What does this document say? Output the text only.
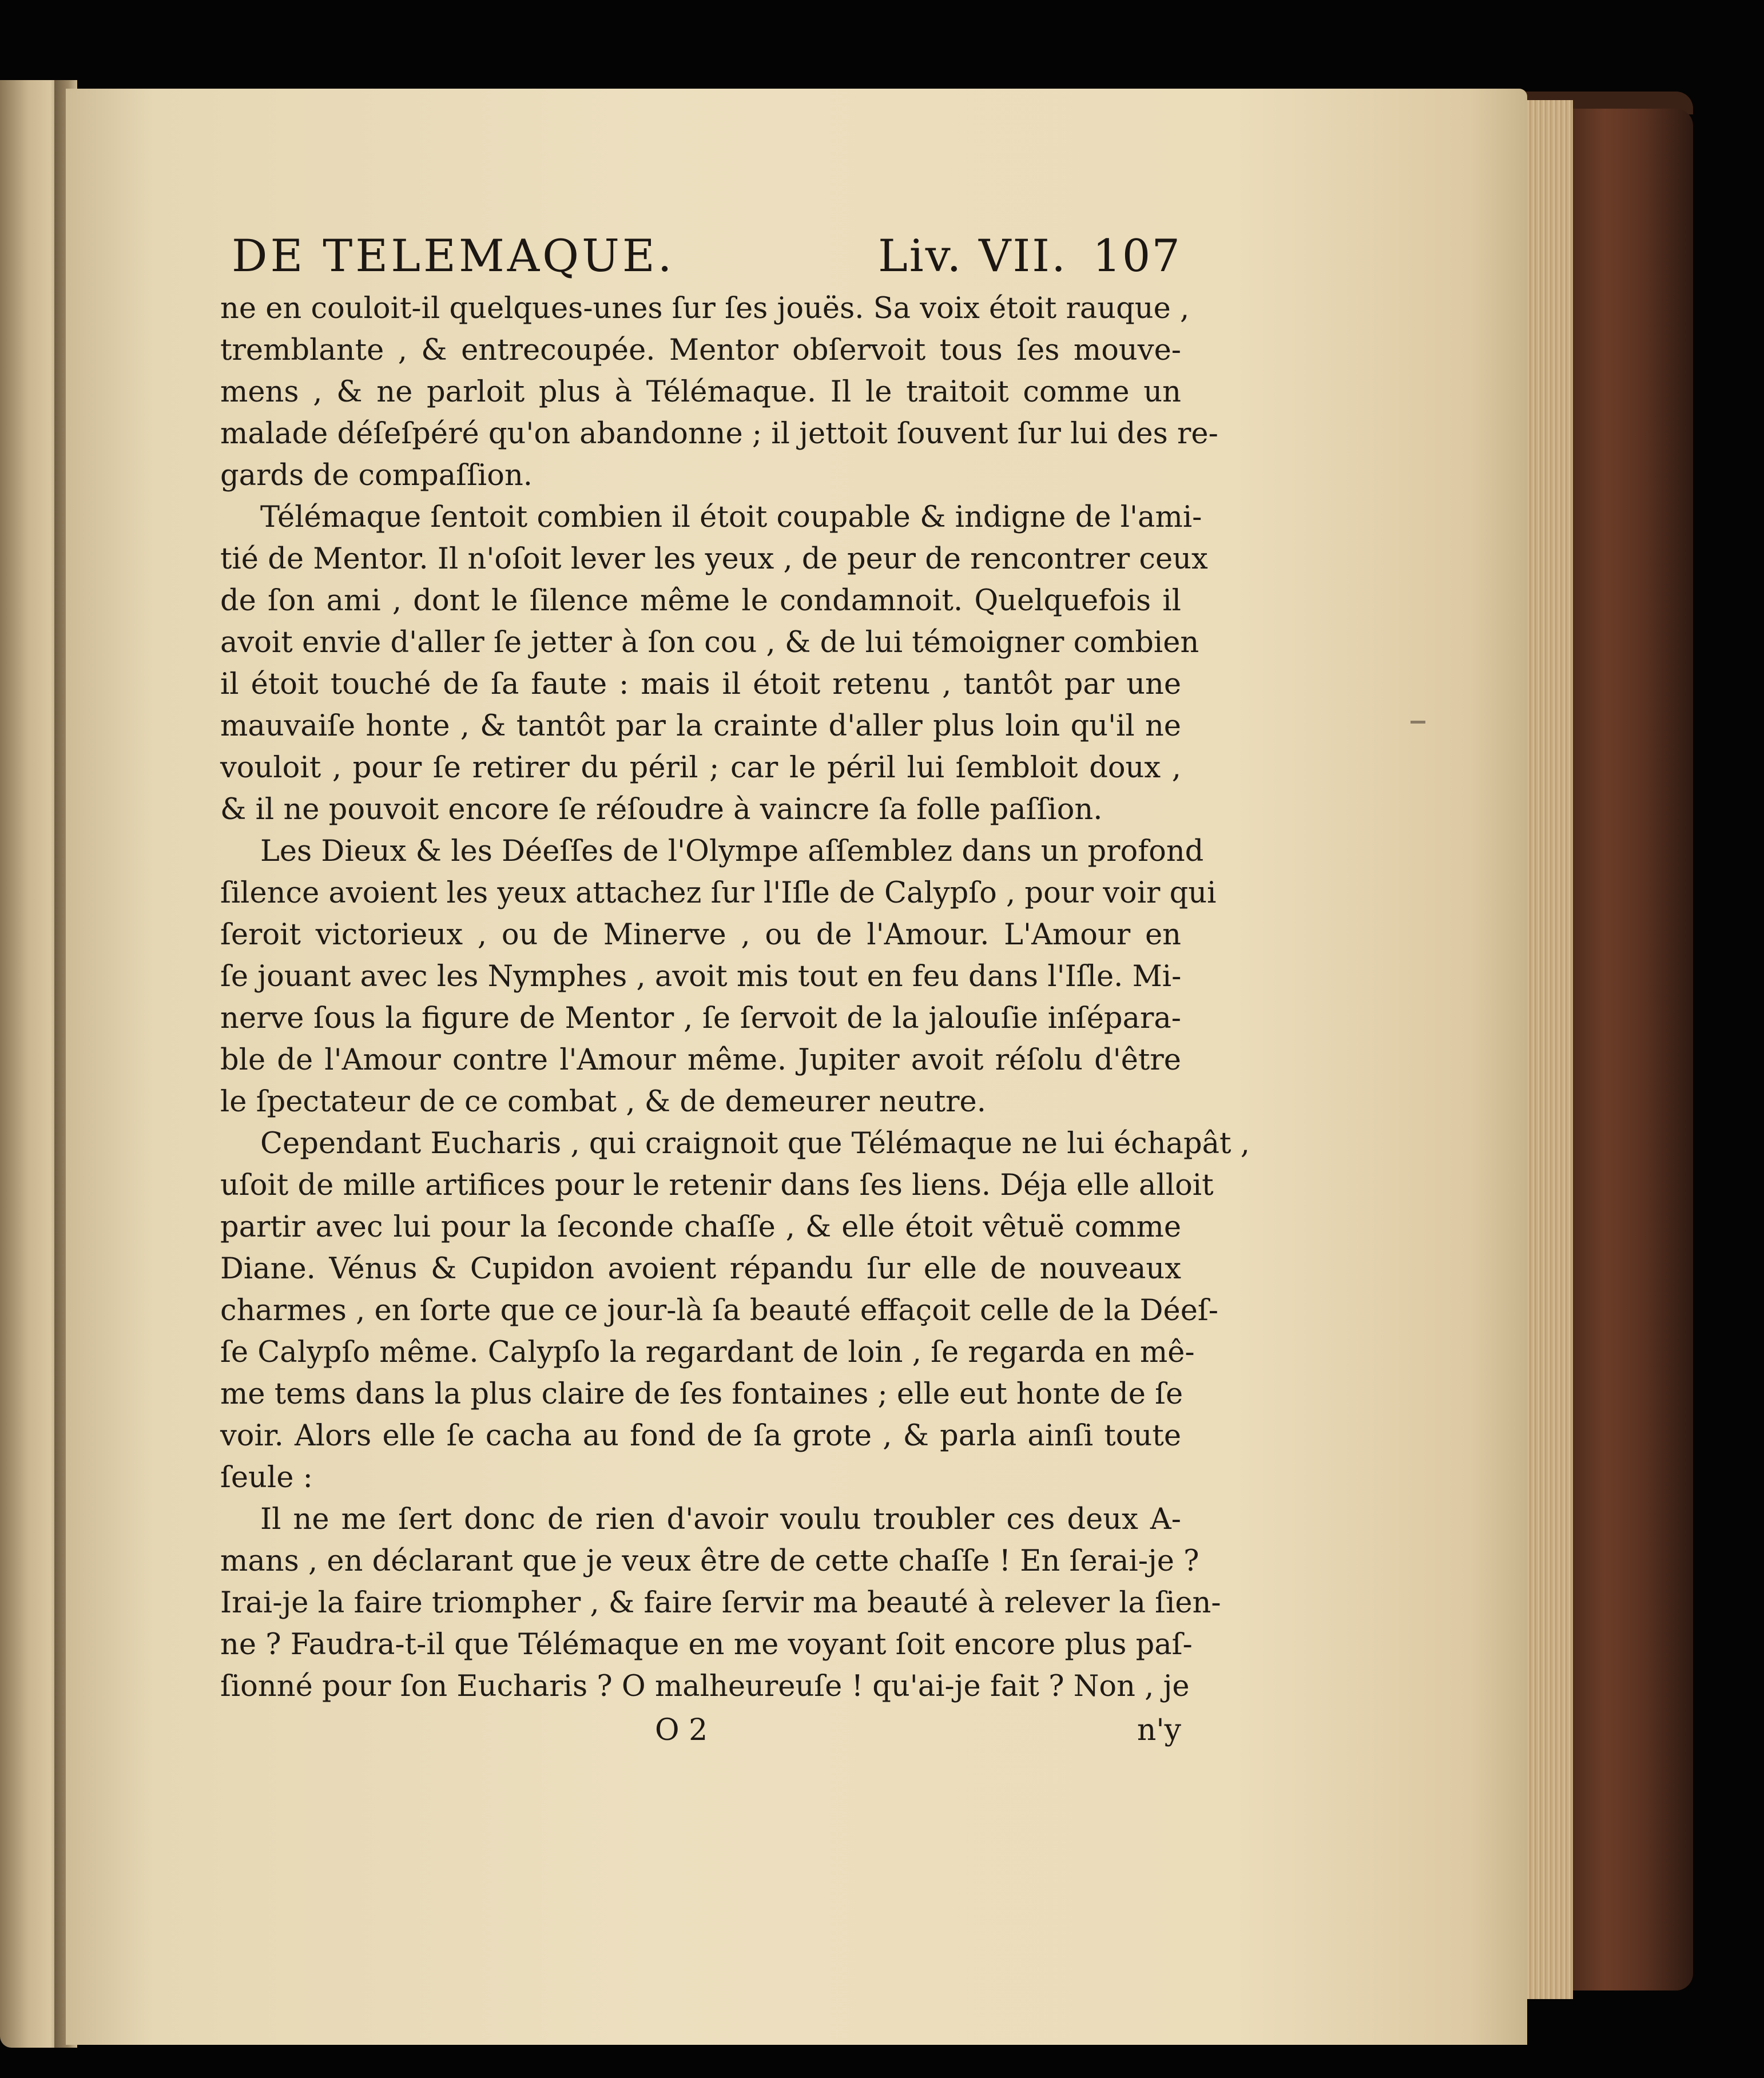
DE TELEMAQUE.	Liv. VII. 107
ne en couloit-il quelques-unes ſur ſes jouës. Sa voix étoit rauque ,
tremblante , & entrecoupée. Mentor obſervoit tous ſes mouve-
mens , & ne parloit plus à Télémaque. Il le traitoit comme un
malade déſeſpéré qu'on abandonne ; il jettoit ſouvent ſur lui des re-
gards de compaſſion.
Télémaque ſentoit combien il étoit coupable & indigne de l'ami-
tié de Mentor. Il n'oſoit lever les yeux , de peur de rencontrer ceux
de ſon ami , dont le ſilence même le condamnoit. Quelquefois il
avoit envie d'aller ſe jetter à ſon cou , & de lui témoigner combien
il étoit touché de ſa faute : mais il étoit retenu , tantôt par une
mauvaiſe honte , & tantôt par la crainte d'aller plus loin qu'il ne
vouloit , pour ſe retirer du péril ; car le péril lui ſembloit doux ,
& il ne pouvoit encore ſe réſoudre à vaincre ſa folle paſſion.
Les Dieux & les Déeſſes de l'Olympe aſſemblez dans un profond
ſilence avoient les yeux attachez ſur l'Iſle de Calypſo , pour voir qui
ſeroit victorieux , ou de Minerve , ou de l'Amour. L'Amour en
ſe jouant avec les Nymphes , avoit mis tout en feu dans l'Iſle. Mi-
nerve ſous la figure de Mentor , ſe ſervoit de la jalouſie inſépara-
ble de l'Amour contre l'Amour même. Jupiter avoit réſolu d'être
le ſpectateur de ce combat , & de demeurer neutre.
Cependant Eucharis , qui craignoit que Télémaque ne lui échapât ,
uſoit de mille artifices pour le retenir dans ſes liens. Déja elle alloit
partir avec lui pour la ſeconde chaſſe , & elle étoit vêtuë comme
Diane. Vénus & Cupidon avoient répandu ſur elle de nouveaux
charmes , en ſorte que ce jour-là ſa beauté effaçoit celle de la Déeſ-
ſe Calypſo même. Calypſo la regardant de loin , ſe regarda en mê-
me tems dans la plus claire de ſes fontaines ; elle eut honte de ſe
voir. Alors elle ſe cacha au fond de ſa grote , & parla ainſi toute
ſeule :
Il ne me ſert donc de rien d'avoir voulu troubler ces deux A-
mans , en déclarant que je veux être de cette chaſſe ! En ſerai-je ?
Irai-je la faire triompher , & faire ſervir ma beauté à relever la ſien-
ne ? Faudra-t-il que Télémaque en me voyant ſoit encore plus paſ-
ſionné pour ſon Eucharis ? O malheureuſe ! qu'ai-je fait ? Non , je
O 2	n'y
